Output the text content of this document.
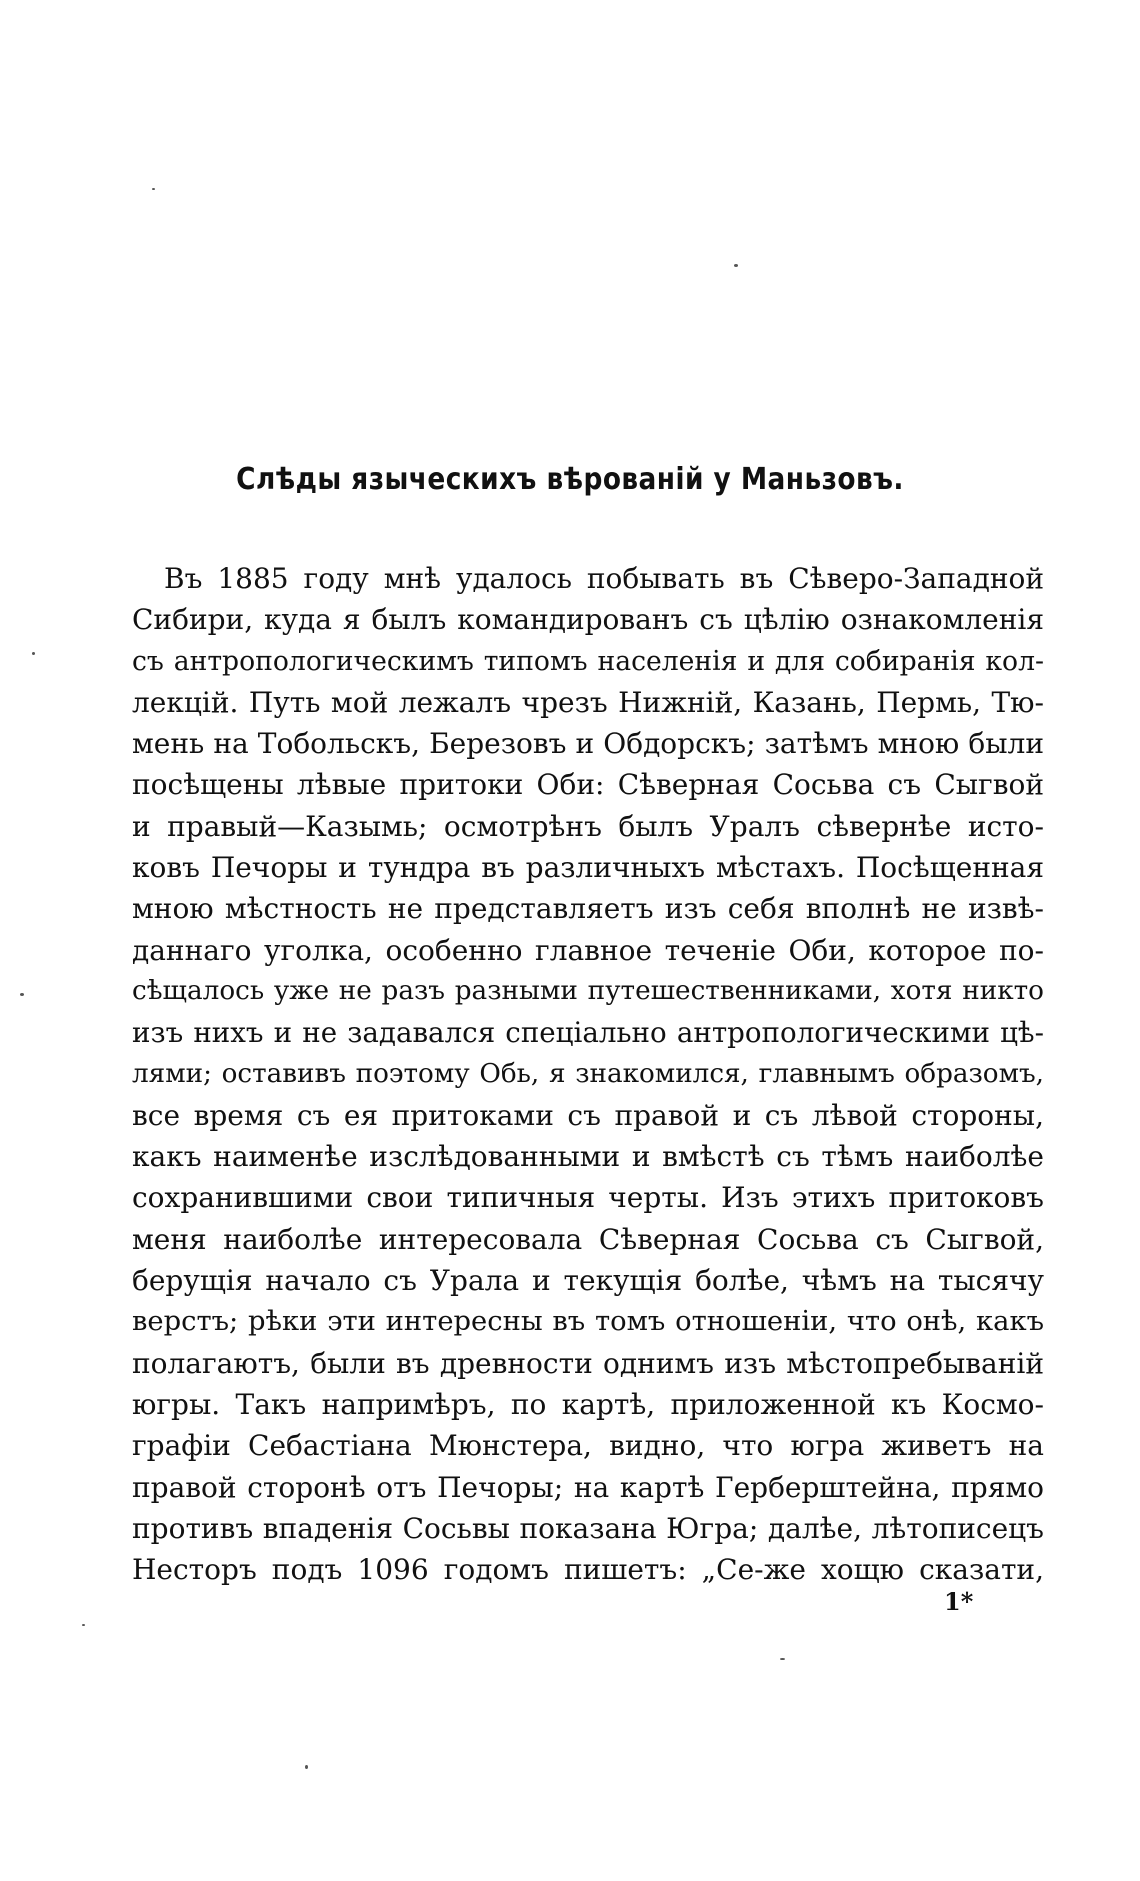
Слѣды языческихъ вѣрованій у Маньзовъ.
Въ 1885 году мнѣ удалось побывать въ Сѣверо-Западной
Сибири, куда я былъ командированъ съ цѣлію ознакомленія
съ антропологическимъ типомъ населенія и для собиранія кол-
лекцій. Путь мой лежалъ чрезъ Нижній, Казань, Пермь, Тю-
мень на Тобольскъ, Березовъ и Обдорскъ; затѣмъ мною были
посѣщены лѣвые притоки Оби: Сѣверная Сосьва съ Сыгвой
и правый—Казымь; осмотрѣнъ былъ Уралъ сѣвернѣе исто-
ковъ Печоры и тундра въ различныхъ мѣстахъ. Посѣщенная
мною мѣстность не представляетъ изъ себя вполнѣ не извѣ-
даннаго уголка, особенно главное теченіе Оби, которое по-
сѣщалось уже не разъ разными путешественниками, хотя никто
изъ нихъ и не задавался спеціально антропологическими цѣ-
лями; оставивъ поэтому Обь, я знакомился, главнымъ образомъ,
все время съ ея притоками съ правой и съ лѣвой стороны,
какъ наименѣе изслѣдованными и вмѣстѣ съ тѣмъ наиболѣе
сохранившими свои типичныя черты. Изъ этихъ притоковъ
меня наиболѣе интересовала Сѣверная Сосьва съ Сыгвой,
берущія начало съ Урала и текущія болѣе, чѣмъ на тысячу
верстъ; рѣки эти интересны въ томъ отношеніи, что онѣ, какъ
полагаютъ, были въ древности однимъ изъ мѣстопребываній
югры. Такъ напримѣръ, по картѣ, приложенной къ Космо-
графіи Себастіана Мюнстера, видно, что югра живетъ на
правой сторонѣ отъ Печоры; на картѣ Герберштейна, прямо
противъ впаденія Сосьвы показана Югра; далѣе, лѣтописецъ
Несторъ подъ 1096 годомъ пишетъ: „Се-же хощю сказати,
1*
